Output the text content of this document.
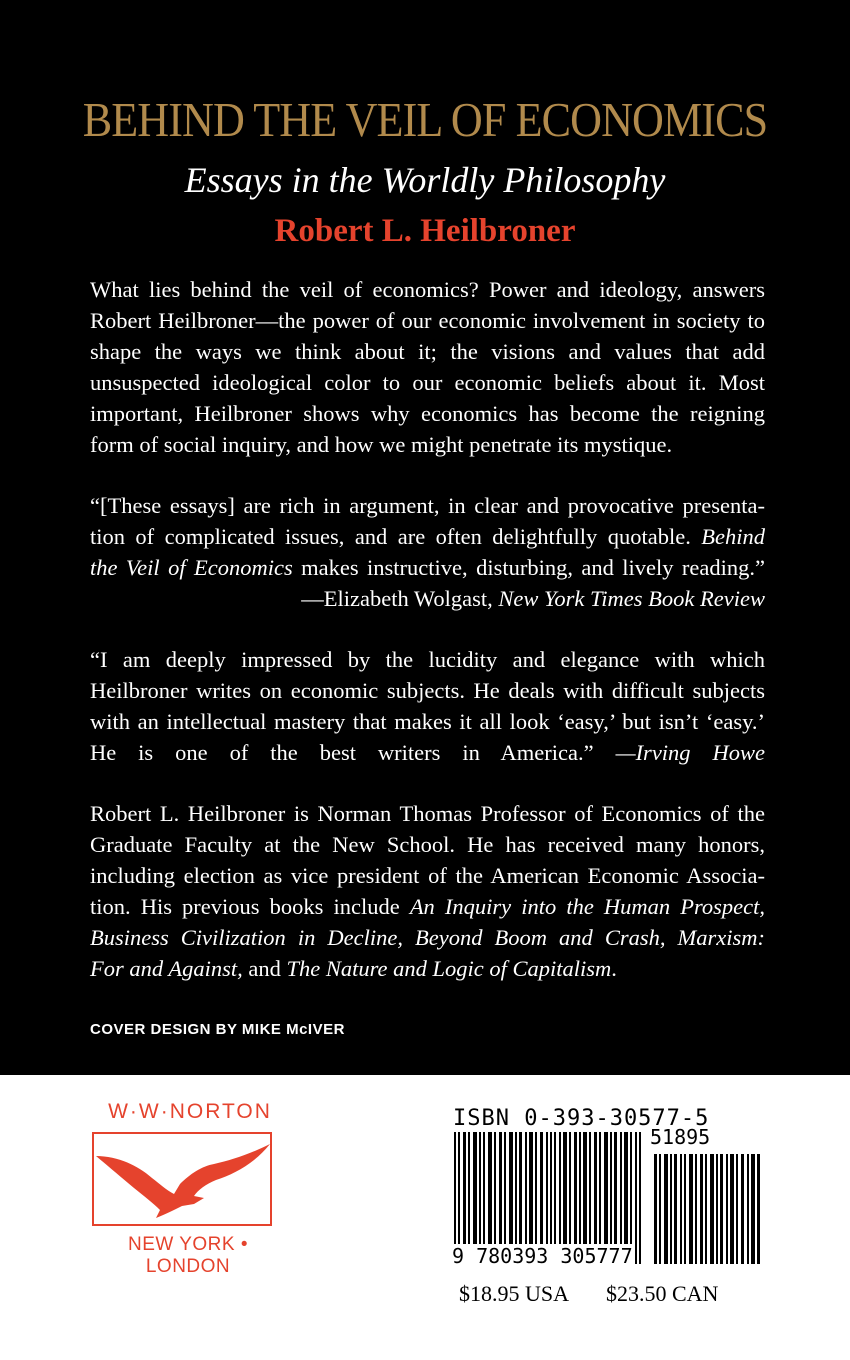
BEHIND THE VEIL OF ECONOMICS
Essays in the Worldly Philosophy
Robert L. Heilbroner
What lies behind the veil of economics? Power and ideology, answers
Robert Heilbroner—the power of our economic involvement in society to
shape the ways we think about it; the visions and values that add
unsuspected ideological color to our economic beliefs about it. Most
important, Heilbroner shows why economics has become the reigning
form of social inquiry, and how we might penetrate its mystique.
“[These essays] are rich in argument, in clear and provocative presenta-
tion of complicated issues, and are often delightfully quotable. Behind
the Veil of Economics makes instructive, disturbing, and lively reading.”
—Elizabeth Wolgast, New York Times Book Review
“I am deeply impressed by the lucidity and elegance with which
Heilbroner writes on economic subjects. He deals with difficult subjects
with an intellectual mastery that makes it all look ‘easy,’ but isn’t ‘easy.’
He is one of the best writers in America.” —Irving Howe
Robert L. Heilbroner is Norman Thomas Professor of Economics of the
Graduate Faculty at the New School. He has received many honors,
including election as vice president of the American Economic Associa-
tion. His previous books include An Inquiry into the Human Prospect,
Business Civilization in Decline, Beyond Boom and Crash, Marxism:
For and Against, and The Nature and Logic of Capitalism.
COVER DESIGN BY MIKE McIVER
W·W·NORTON
NEW YORK • LONDON
ISBN 0-393-30577-5
51895
9 780393 305777
$18.95 USA $23.50 CAN
